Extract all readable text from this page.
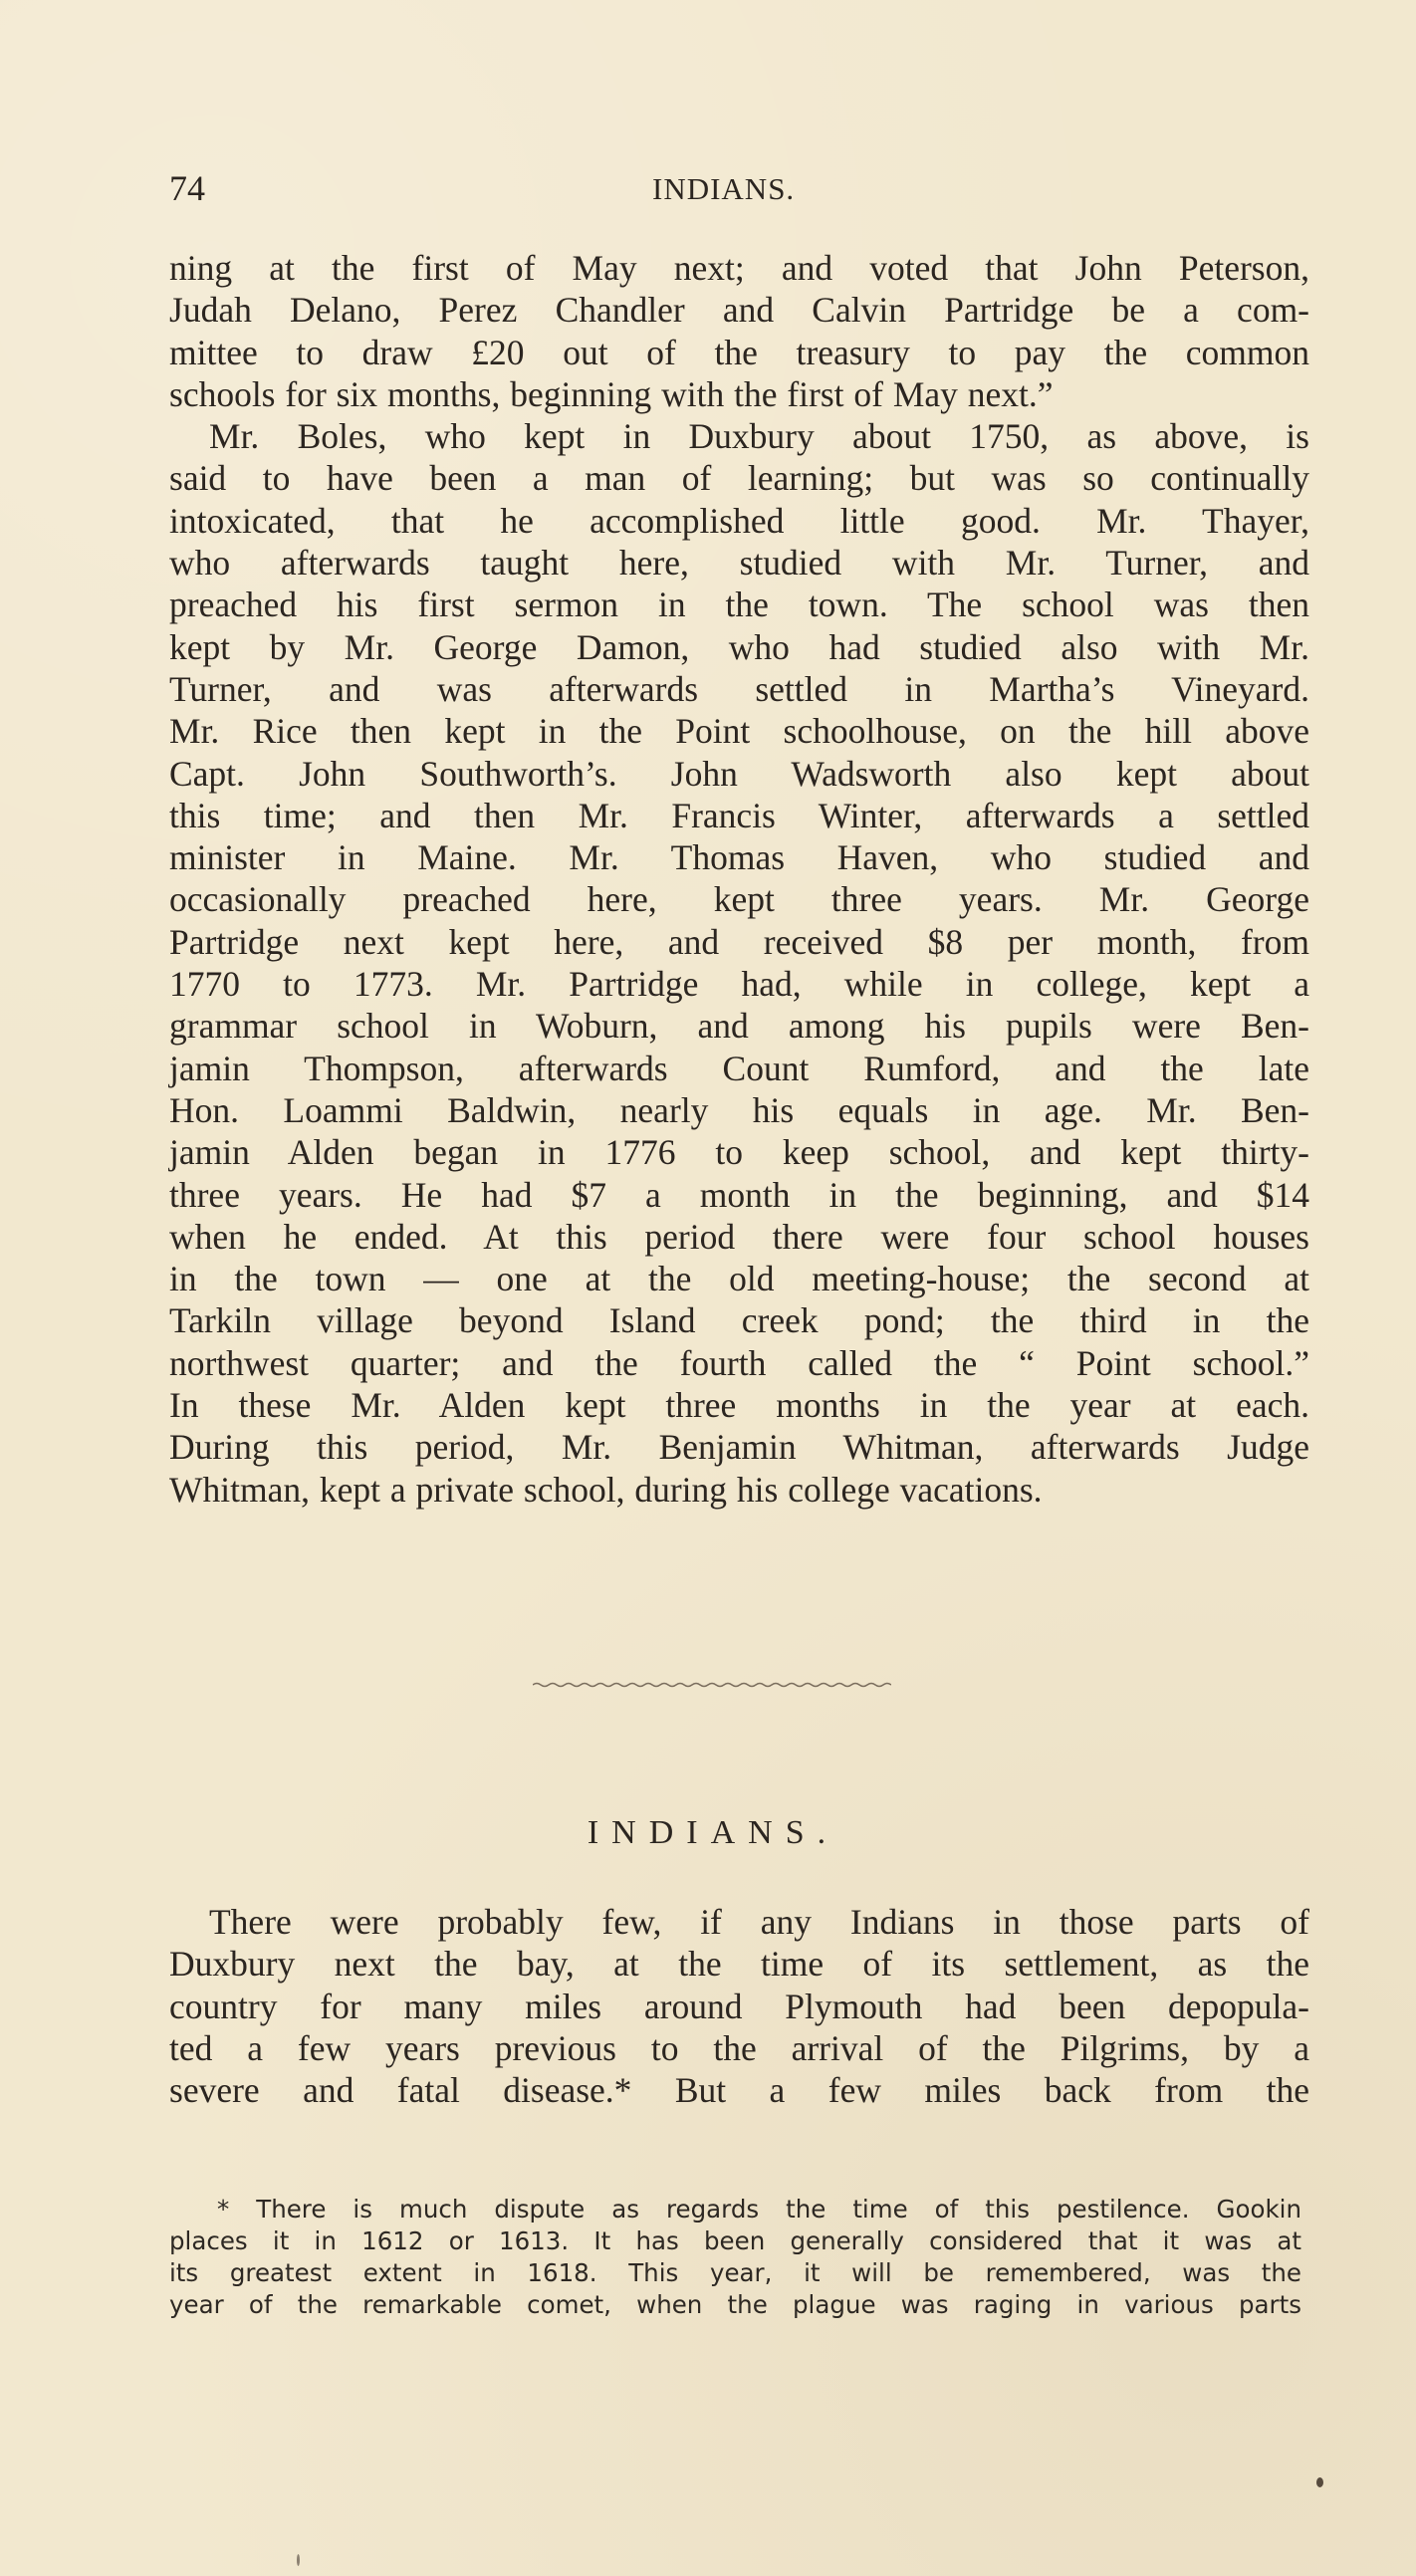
74	INDIANS.
ning at the first of May next; and voted that John Peterson,
Judah Delano, Perez Chandler and Calvin Partridge be a com-
mittee to draw £20 out of the treasury to pay the common
schools for six months, beginning with the first of May next.”
Mr. Boles, who kept in Duxbury about 1750, as above, is
said to have been a man of learning; but was so continually
intoxicated, that he accomplished little good. Mr. Thayer,
who afterwards taught here, studied with Mr. Turner, and
preached his first sermon in the town. The school was then
kept by Mr. George Damon, who had studied also with Mr.
Turner, and was afterwards settled in Martha’s Vineyard.
Mr. Rice then kept in the Point schoolhouse, on the hill above
Capt. John Southworth’s. John Wadsworth also kept about
this time; and then Mr. Francis Winter, afterwards a settled
minister in Maine. Mr. Thomas Haven, who studied and
occasionally preached here, kept three years. Mr. George
Partridge next kept here, and received $8 per month, from
1770 to 1773. Mr. Partridge had, while in college, kept a
grammar school in Woburn, and among his pupils were Ben-
jamin Thompson, afterwards Count Rumford, and the late
Hon. Loammi Baldwin, nearly his equals in age. Mr. Ben-
jamin Alden began in 1776 to keep school, and kept thirty-
three years. He had $7 a month in the beginning, and $14
when he ended. At this period there were four school houses
in the town — one at the old meeting-house; the second at
Tarkiln village beyond Island creek pond; the third in the
northwest quarter; and the fourth called the “ Point school.”
In these Mr. Alden kept three months in the year at each.
During this period, Mr. Benjamin Whitman, afterwards Judge
Whitman, kept a private school, during his college vacations.
INDIANS.
There were probably few, if any Indians in those parts of
Duxbury next the bay, at the time of its settlement, as the
country for many miles around Plymouth had been depopula-
ted a few years previous to the arrival of the Pilgrims, by a
severe and fatal disease.* But a few miles back from the
* There is much dispute as regards the time of this pestilence. Gookin
places it in 1612 or 1613. It has been generally considered that it was at
its greatest extent in 1618. This year, it will be remembered, was the
year of the remarkable comet, when the plague was raging in various parts
